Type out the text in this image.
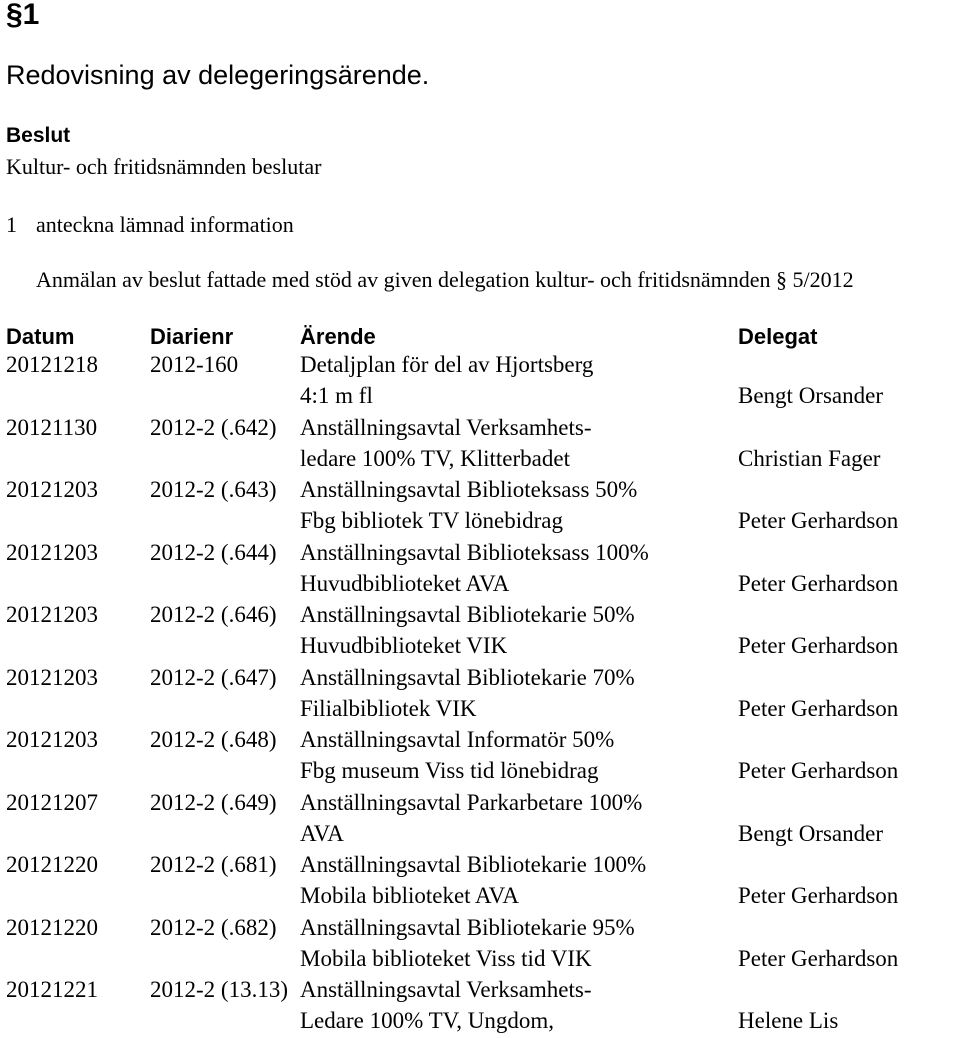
§1
Redovisning av delegeringsärende.
Beslut
Kultur- och fritidsnämnden beslutar
1 anteckna lämnad information
Anmälan av beslut fattade med stöd av given delegation kultur- och fritidsnämnden § 5/2012
Datum	Diarienr	Ärende	Delegat
20121218 2012-160	Detaljplan för del av Hjortsberg
4:1 m fl	Bengt Orsander
20121130 2012-2 (.642) Anställningsavtal Verksamhets-
ledare 100% TV, Klitterbadet	Christian Fager
20121203 2012-2 (.643) Anställningsavtal Biblioteksass 50%
Fbg bibliotek TV lönebidrag	Peter Gerhardson
20121203 2012-2 (.644) Anställningsavtal Biblioteksass 100%
Huvudbiblioteket AVA	Peter Gerhardson
20121203 2012-2 (.646) Anställningsavtal Bibliotekarie 50%
Huvudbiblioteket VIK	Peter Gerhardson
20121203 2012-2 (.647) Anställningsavtal Bibliotekarie 70%
Filialbibliotek VIK	Peter Gerhardson
20121203 2012-2 (.648) Anställningsavtal Informatör 50%
Fbg museum Viss tid lönebidrag	Peter Gerhardson
20121207 2012-2 (.649) Anställningsavtal Parkarbetare 100%
AVA	Bengt Orsander
20121220 2012-2 (.681) Anställningsavtal Bibliotekarie 100%
Mobila biblioteket AVA	Peter Gerhardson
20121220 2012-2 (.682) Anställningsavtal Bibliotekarie 95%
Mobila biblioteket Viss tid VIK	Peter Gerhardson
20121221 2012-2 (13.13) Anställningsavtal Verksamhets-
Ledare 100% TV, Ungdom,	Helene Lis
